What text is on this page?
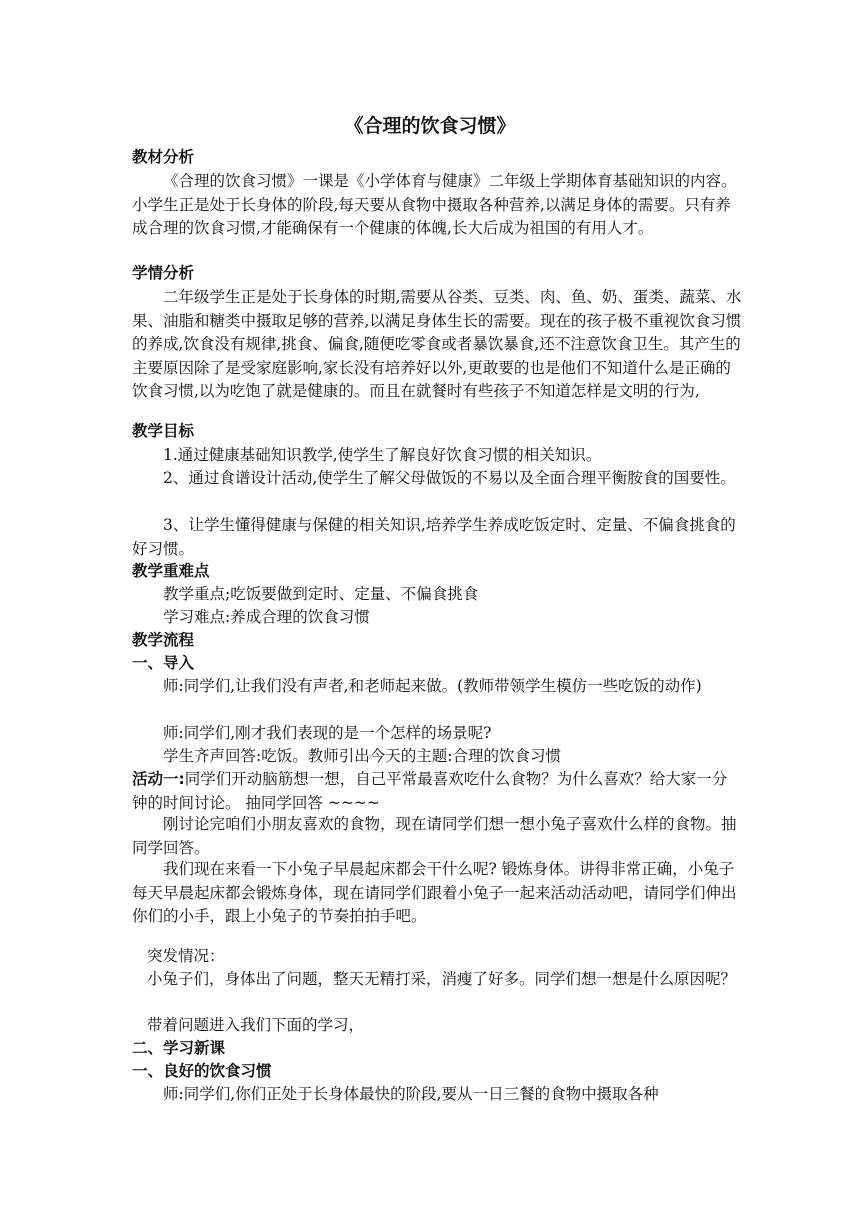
《合理的饮食习惯》
教材分析
《合理的饮食习惯》一课是《小学体育与健康》二年级上学期体育基础知识的内容。小学生正是处于长身体的阶段,每天要从食物中摄取各种营养,以满足身体的需要。只有养成合理的饮食习惯,才能确保有一个健康的体魄,长大后成为祖国的有用人才。
学情分析
二年级学生正是处于长身体的时期,需要从谷类、豆类、肉、鱼、奶、蛋类、蔬菜、水果、油脂和糖类中摄取足够的营养,以满足身体生长的需要。现在的孩子极不重视饮食习惯的养成,饮食没有规律,挑食、偏食,随便吃零食或者暴饮暴食,还不注意饮食卫生。其产生的主要原因除了是受家庭影响,家长没有培养好以外,更敢要的也是他们不知道什么是正确的饮食习惯,以为吃饱了就是健康的。而且在就餐时有些孩子不知道怎样是文明的行为,
教学目标
1.通过健康基础知识教学,使学生了解良好饮食习惯的相关知识。
2、通过食谱设计活动,使学生了解父母做饭的不易以及全面合理平衡胺食的国要性。
3、让学生懂得健康与保健的相关知识,培养学生养成吃饭定时、定量、不偏食挑食的好习惯。
教学重难点
教学重点;吃饭要做到定时、定量、不偏食挑食
学习难点:养成合理的饮食习惯
教学流程
一、导入
师:同学们,让我们没有声者,和老师起来做。(教师带领学生模仿一些吃饭的动作)
师:同学们,刚才我们表现的是一个怎样的场景呢?
学生齐声回答:吃饭。教师引出今天的主题:合理的饮食习惯
活动一:同学们开动脑筋想一想，自己平常最喜欢吃什么食物？为什么喜欢？给大家一分钟的时间讨论。 抽同学回答 ~~~~
刚讨论完咱们小朋友喜欢的食物，现在请同学们想一想小兔子喜欢什么样的食物。抽同学回答。
我们现在来看一下小兔子早晨起床都会干什么呢? 锻炼身体。讲得非常正确，小兔子每天早晨起床都会锻炼身体，现在请同学们跟着小兔子一起来活动活动吧，请同学们伸出你们的小手，跟上小兔子的节奏拍拍手吧。
突发情况：
小兔子们，身体出了问题，整天无精打采，消瘦了好多。同学们想一想是什么原因呢？
带着问题进入我们下面的学习，
二、学习新课
一、良好的饮食习惯
师:同学们,你们正处于长身体最快的阶段,要从一日三餐的食物中摄取各种
